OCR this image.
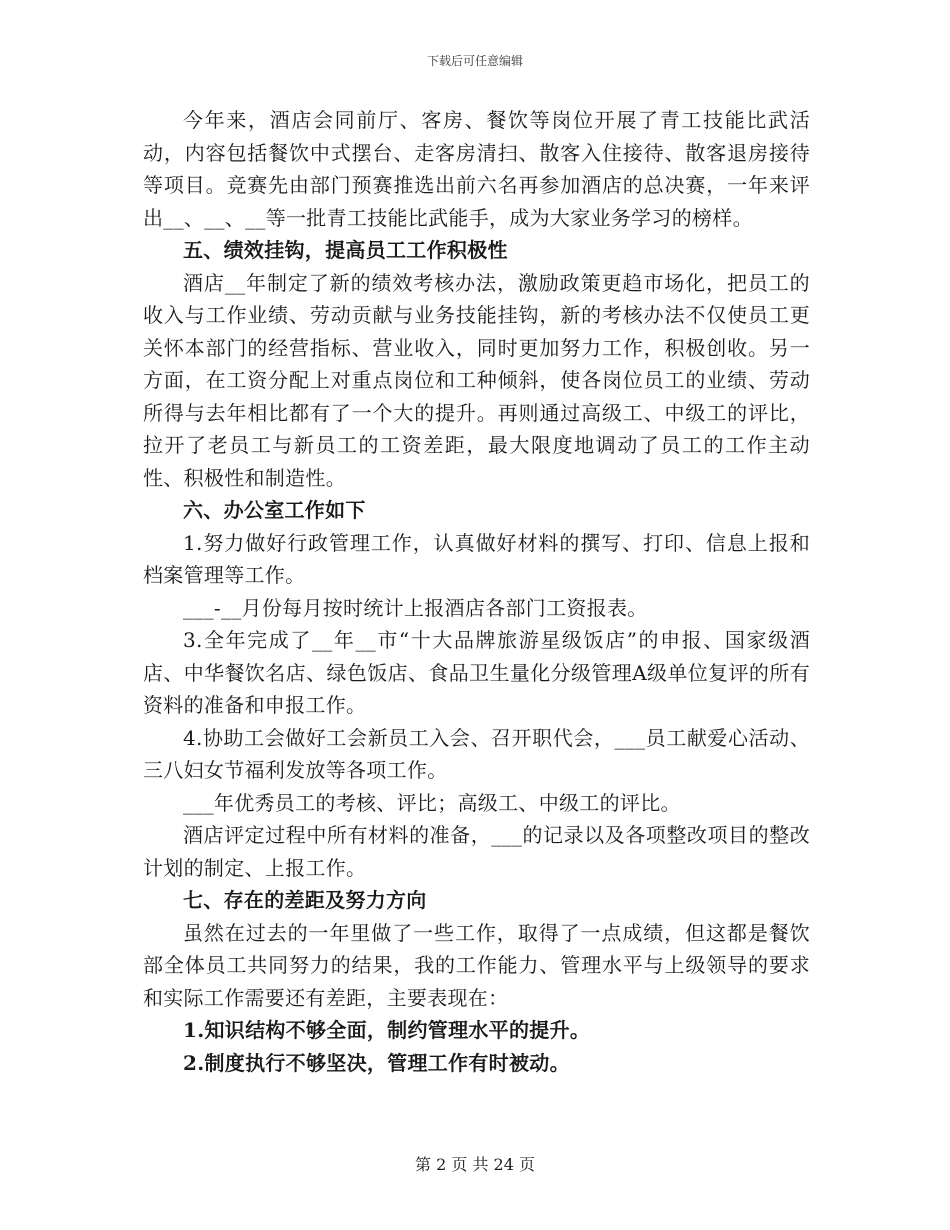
下载后可任意编辑

今年来，酒店会同前厅、客房、餐饮等岗位开展了青工技能比武活动，内容包括餐饮中式摆台、走客房清扫、散客入住接待、散客退房接待等项目。竞赛先由部门预赛推选出前六名再参加酒店的总决赛，一年来评出__、__、__等一批青工技能比武能手，成为大家业务学习的榜样。

五、绩效挂钩，提高员工工作积极性

酒店__年制定了新的绩效考核办法，激励政策更趋市场化，把员工的收入与工作业绩、劳动贡献与业务技能挂钩，新的考核办法不仅使员工更关怀本部门的经营指标、营业收入，同时更加努力工作，积极创收。另一方面，在工资分配上对重点岗位和工种倾斜，使各岗位员工的业绩、劳动所得与去年相比都有了一个大的提升。再则通过高级工、中级工的评比，拉开了老员工与新员工的工资差距，最大限度地调动了员工的工作主动性、积极性和制造性。

六、办公室工作如下

1.努力做好行政管理工作，认真做好材料的撰写、打印、信息上报和档案管理等工作。

___-__月份每月按时统计上报酒店各部门工资报表。

3.全年完成了__年__市“十大品牌旅游星级饭店”的申报、国家级酒店、中华餐饮名店、绿色饭店、食品卫生量化分级管理A级单位复评的所有资料的准备和申报工作。

4.协助工会做好工会新员工入会、召开职代会，___员工献爱心活动、三八妇女节福利发放等各项工作。

___年优秀员工的考核、评比；高级工、中级工的评比。

酒店评定过程中所有材料的准备，___的记录以及各项整改项目的整改计划的制定、上报工作。

七、存在的差距及努力方向

虽然在过去的一年里做了一些工作，取得了一点成绩，但这都是餐饮部全体员工共同努力的结果，我的工作能力、管理水平与上级领导的要求和实际工作需要还有差距，主要表现在：

1.知识结构不够全面，制约管理水平的提升。

2.制度执行不够坚决，管理工作有时被动。

第 2 页 共 24 页
